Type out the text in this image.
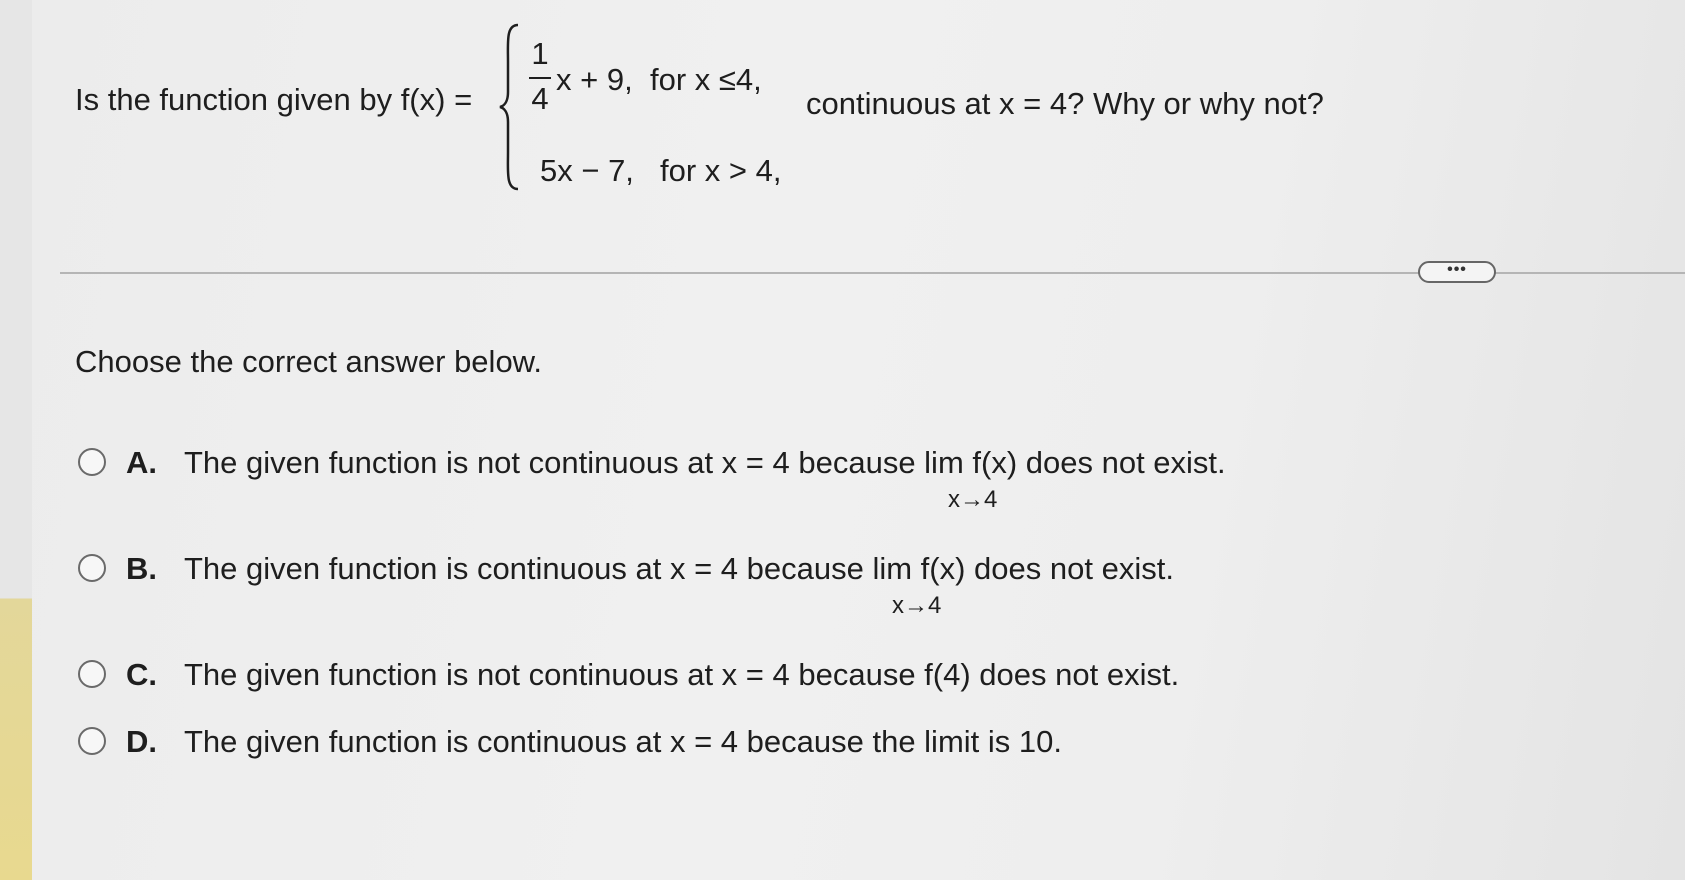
Is the function given by f(x) =
1
4
x + 9, for x ≤4,
5x − 7, for x > 4,
continuous at x = 4? Why or why not?
•••
Choose the correct answer below.
A. The given function is not continuous at x = 4 because lim f(x) does not exist.
x→4
B. The given function is continuous at x = 4 because lim f(x) does not exist.
x→4
C. The given function is not continuous at x = 4 because f(4) does not exist.
D. The given function is continuous at x = 4 because the limit is 10.
